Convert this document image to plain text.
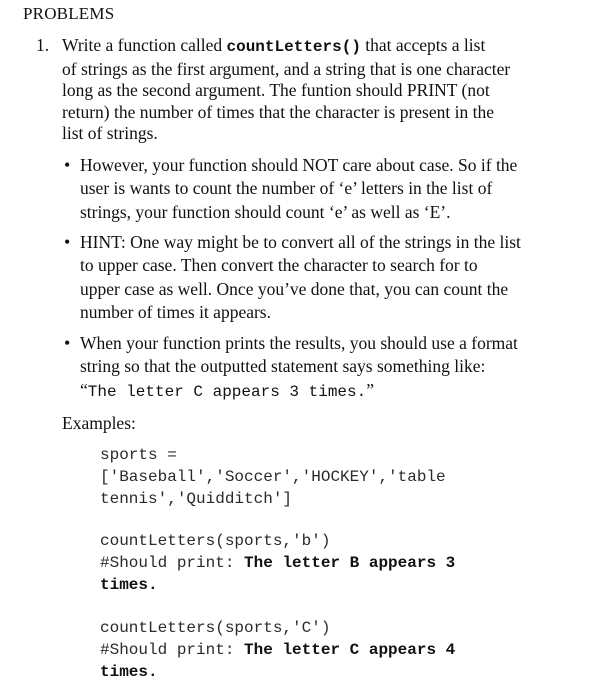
PROBLEMS
1. Write a function called countLetters() that accepts a list
of strings as the first argument, and a string that is one character
long as the second argument. The funtion should PRINT (not
return) the number of times that the character is present in the
list of strings.
• However, your function should NOT care about case. So if the
user is wants to count the number of ‘e’ letters in the list of
strings, your function should count ‘e’ as well as ‘E’.
• HINT: One way might be to convert all of the strings in the list
to upper case. Then convert the character to search for to
upper case as well. Once you’ve done that, you can count the
number of times it appears.
• When your function prints the results, you should use a format
string so that the outputted statement says something like:
“The letter C appears 3 times.”
Examples:
sports =
['Baseball','Soccer','HOCKEY','table
tennis','Quidditch']
countLetters(sports,'b')
#Should print: The letter B appears 3
times.
countLetters(sports,'C')
#Should print: The letter C appears 4
times.
